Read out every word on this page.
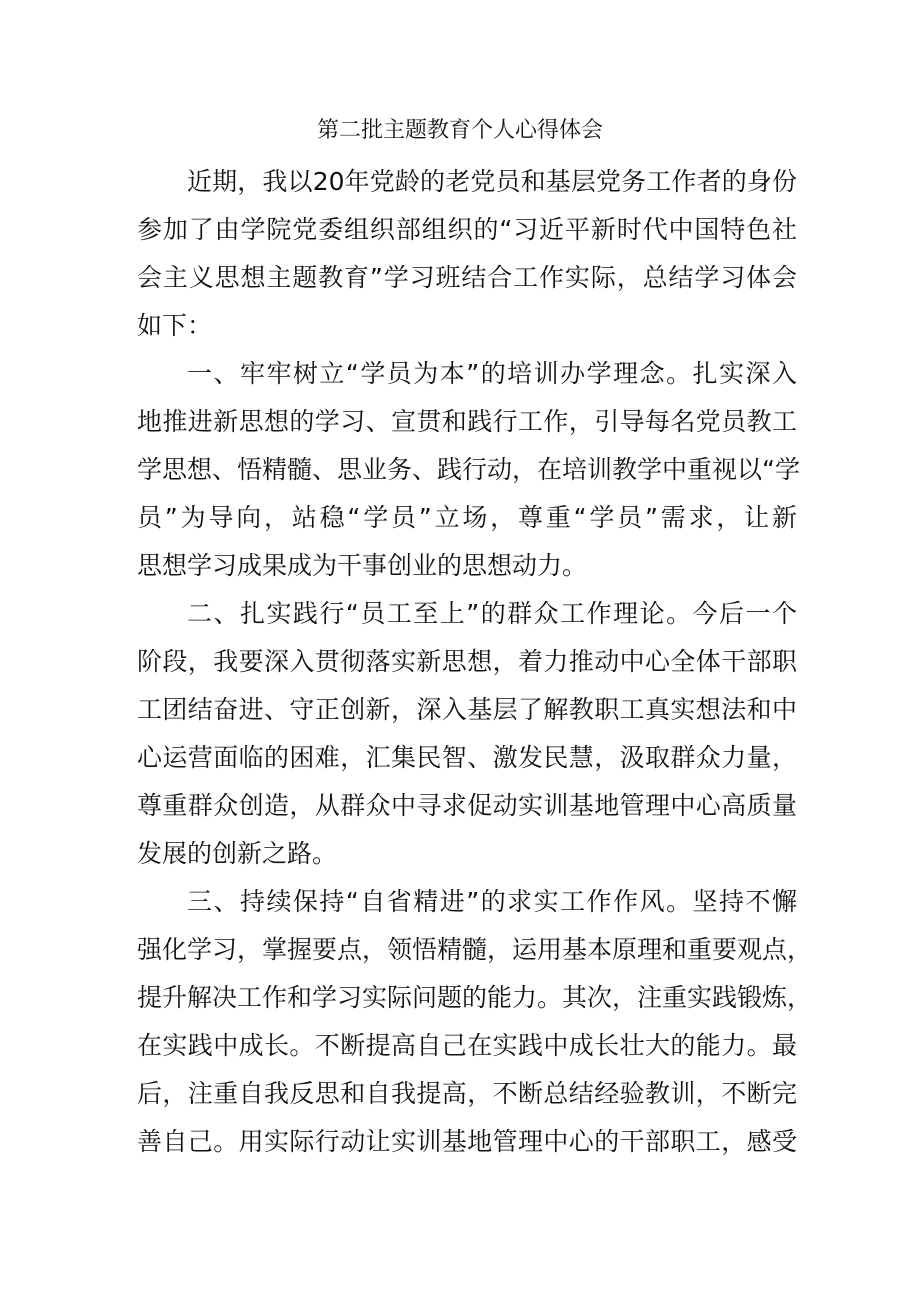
第二批主题教育个人心得体会
近期，我以20年党龄的老党员和基层党务工作者的身份
参加了由学院党委组织部组织的“习近平新时代中国特色社
会主义思想主题教育”学习班结合工作实际，总结学习体会
如下：
一、牢牢树立“学员为本”的培训办学理念。扎实深入
地推进新思想的学习、宣贯和践行工作，引导每名党员教工
学思想、悟精髓、思业务、践行动，在培训教学中重视以“学
员”为导向，站稳“学员”立场，尊重“学员”需求，让新
思想学习成果成为干事创业的思想动力。
二、扎实践行“员工至上”的群众工作理论。今后一个
阶段，我要深入贯彻落实新思想，着力推动中心全体干部职
工团结奋进、守正创新，深入基层了解教职工真实想法和中
心运营面临的困难，汇集民智、激发民慧，汲取群众力量，
尊重群众创造，从群众中寻求促动实训基地管理中心高质量
发展的创新之路。
三、持续保持“自省精进”的求实工作作风。坚持不懈
强化学习，掌握要点，领悟精髓，运用基本原理和重要观点，
提升解决工作和学习实际问题的能力。其次，注重实践锻炼，
在实践中成长。不断提高自己在实践中成长壮大的能力。最
后，注重自我反思和自我提高，不断总结经验教训，不断完
善自己。用实际行动让实训基地管理中心的干部职工，感受
